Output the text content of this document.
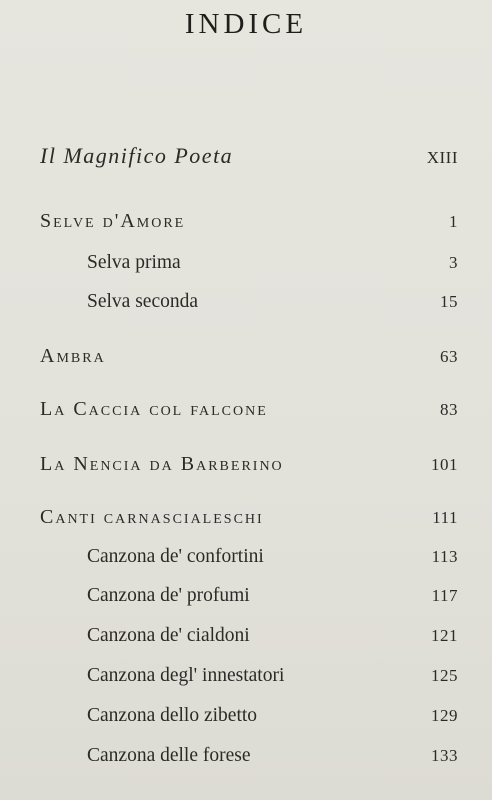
INDICE
Il Magnifico Poeta	XIII
Selve d'Amore	1
Selva prima	3
Selva seconda	15
Ambra	63
La Caccia col falcone	83
La Nencia da Barberino	101
Canti carnascialeschi	111
Canzona de' confortini	113
Canzona de' profumi	117
Canzona de' cialdoni	121
Canzona degl' innestatori	125
Canzona dello zibetto	129
Canzona delle forese	133
